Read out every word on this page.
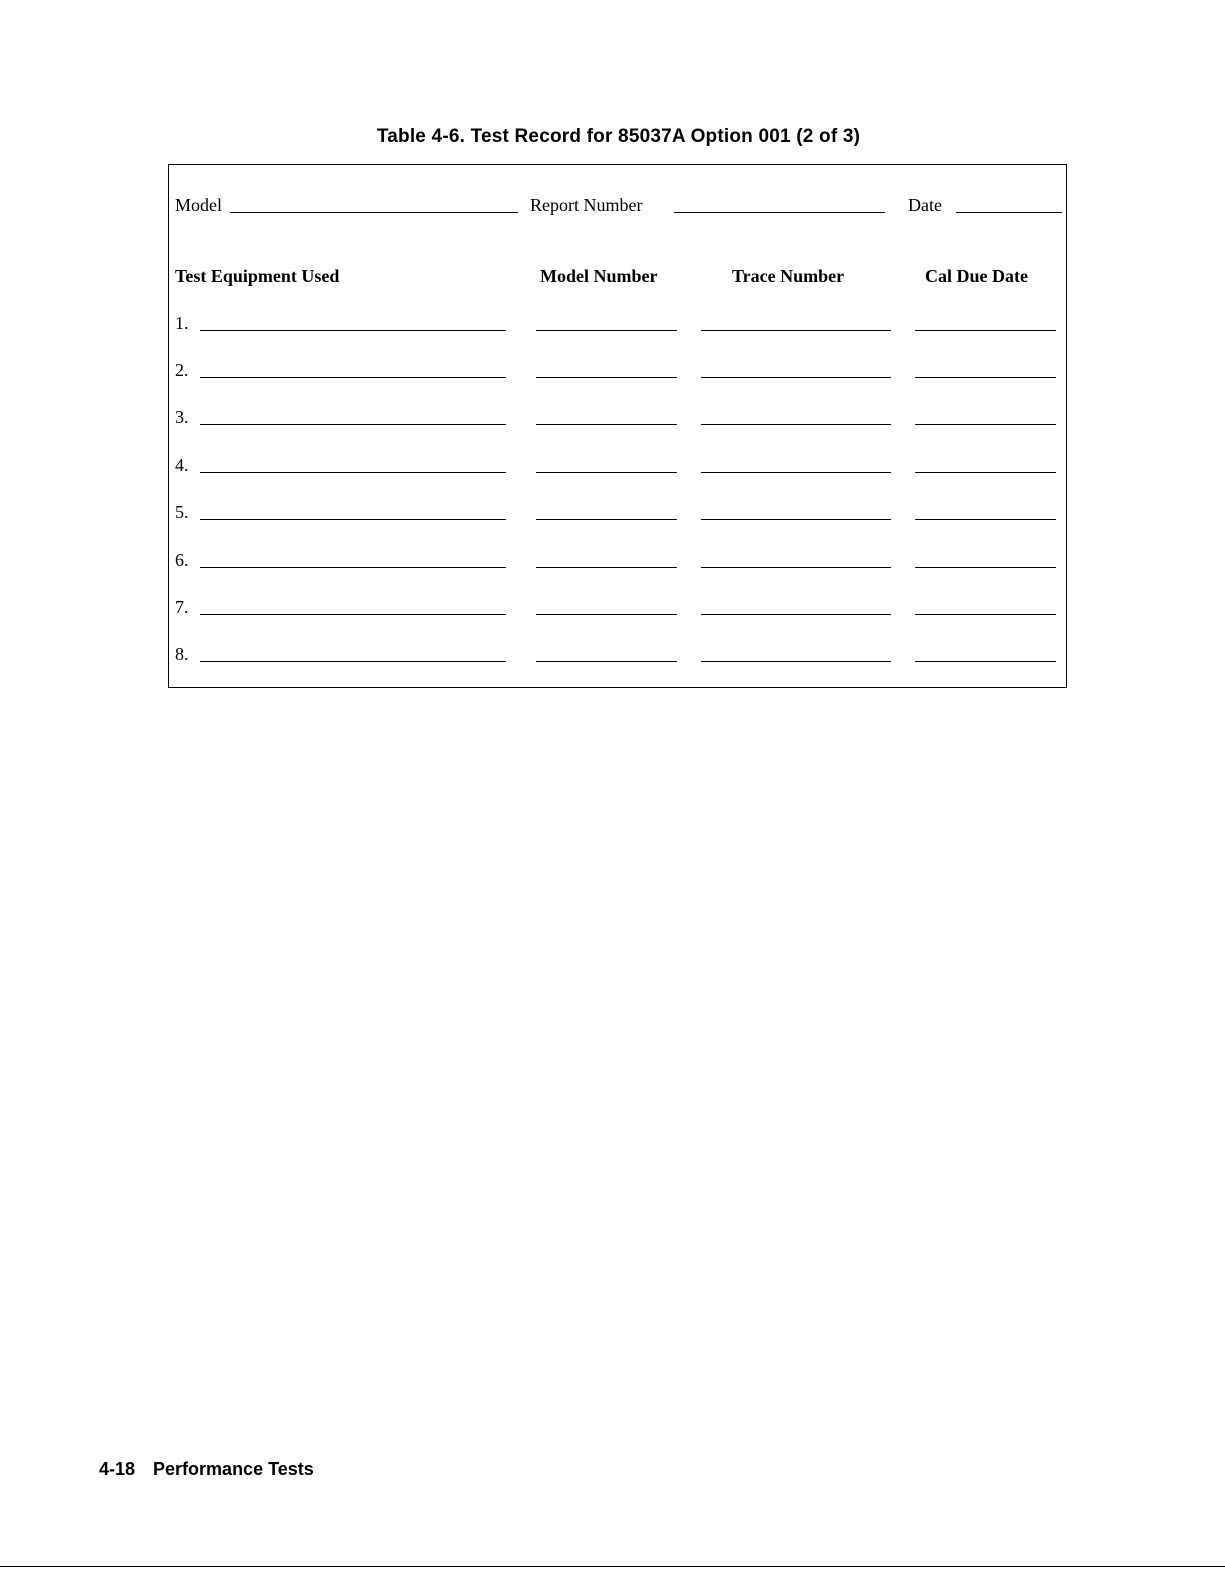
Table 4-6. Test Record for 85037A Option 001 (2 of 3)
Model	Report Number	Date
Test Equipment Used	Model Number	Trace Number	Cal Due Date
1.
2.
3.
4.
5.
6.
7.
8.
4-18 Performance Tests
